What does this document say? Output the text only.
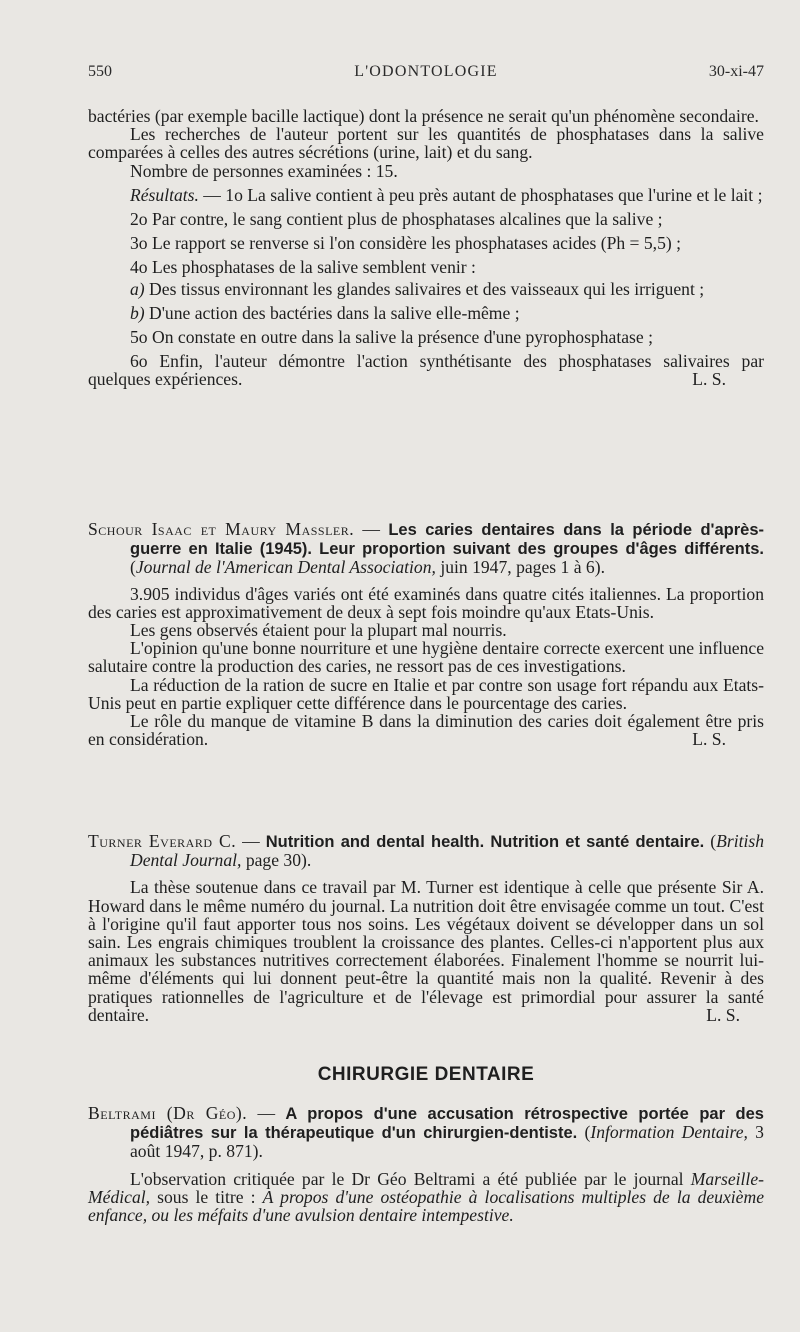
550	L'ODONTOLOGIE	30-xi-47

bactéries (par exemple bacille lactique) dont la présence ne serait qu'un phénomène secondaire.

Les recherches de l'auteur portent sur les quantités de phosphatases dans la salive comparées à celles des autres sécrétions (urine, lait) et du sang.

Nombre de personnes examinées : 15.

Résultats. — 1o La salive contient à peu près autant de phosphatases que l'urine et le lait ;

2o Par contre, le sang contient plus de phosphatases alcalines que la salive ;

3o Le rapport se renverse si l'on considère les phosphatases acides (Ph = 5,5) ;

4o Les phosphatases de la salive semblent venir :

a) Des tissus environnant les glandes salivaires et des vaisseaux qui les irriguent ;

b) D'une action des bactéries dans la salive elle-même ;

5o On constate en outre dans la salive la présence d'une pyrophosphatase ;

6o Enfin, l'auteur démontre l'action synthétisante des phosphatases salivaires par quelques expériences.	L. S.

Schour Isaac et Maury Massler. — Les caries dentaires dans la période d'après-guerre en Italie (1945). Leur proportion suivant des groupes d'âges différents. (Journal de l'American Dental Association, juin 1947, pages 1 à 6).

3.905 individus d'âges variés ont été examinés dans quatre cités italiennes. La proportion des caries est approximativement de deux à sept fois moindre qu'aux Etats-Unis.

Les gens observés étaient pour la plupart mal nourris.

L'opinion qu'une bonne nourriture et une hygiène dentaire correcte exercent une influence salutaire contre la production des caries, ne ressort pas de ces investigations.

La réduction de la ration de sucre en Italie et par contre son usage fort répandu aux Etats-Unis peut en partie expliquer cette différence dans le pourcentage des caries.

Le rôle du manque de vitamine B dans la diminution des caries doit également être pris en considération.	L. S.

Turner Everard C. — Nutrition and dental health. Nutrition et santé dentaire. (British Dental Journal, page 30).

La thèse soutenue dans ce travail par M. Turner est identique à celle que présente Sir A. Howard dans le même numéro du journal. La nutrition doit être envisagée comme un tout. C'est à l'origine qu'il faut apporter tous nos soins. Les végétaux doivent se développer dans un sol sain. Les engrais chimiques troublent la croissance des plantes. Celles-ci n'apportent plus aux animaux les substances nutritives correctement élaborées. Finalement l'homme se nourrit lui-même d'éléments qui lui donnent peut-être la quantité mais non la qualité. Revenir à des pratiques rationnelles de l'agriculture et de l'élevage est primordial pour assurer la santé dentaire.	L. S.

CHIRURGIE DENTAIRE

Beltrami (Dr Géo). — A propos d'une accusation rétrospective portée par des pédiâtres sur la thérapeutique d'un chirurgien-dentiste. (Information Dentaire, 3 août 1947, p. 871).

L'observation critiquée par le Dr Géo Beltrami a été publiée par le journal Marseille-Médical, sous le titre : A propos d'une ostéopathie à localisations multiples de la deuxième enfance, ou les méfaits d'une avulsion dentaire intempestive.
